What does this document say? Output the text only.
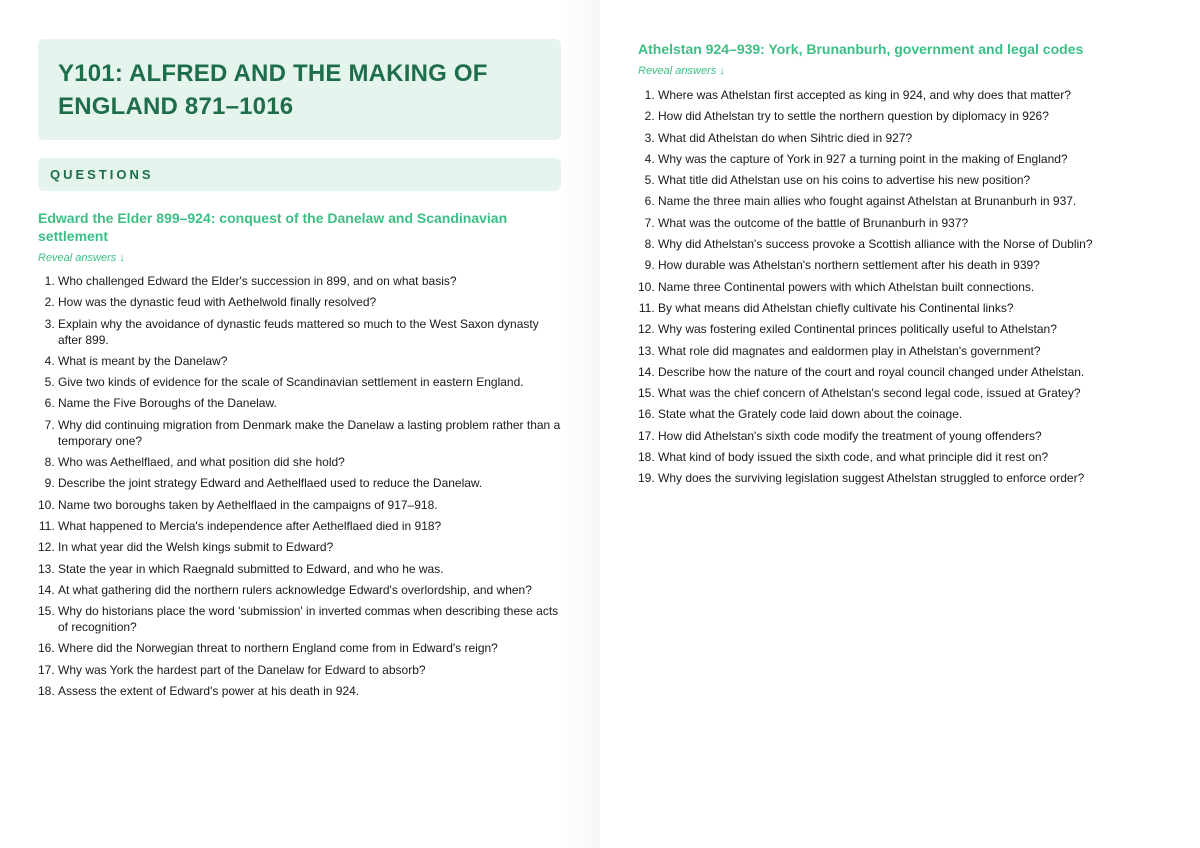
Y101: ALFRED AND THE MAKING OF ENGLAND 871–1016
QUESTIONS
Edward the Elder 899–924: conquest of the Danelaw and Scandinavian settlement
Reveal answers ↓
1. Who challenged Edward the Elder's succession in 899, and on what basis?
2. How was the dynastic feud with Aethelwold finally resolved?
3. Explain why the avoidance of dynastic feuds mattered so much to the West Saxon dynasty after 899.
4. What is meant by the Danelaw?
5. Give two kinds of evidence for the scale of Scandinavian settlement in eastern England.
6. Name the Five Boroughs of the Danelaw.
7. Why did continuing migration from Denmark make the Danelaw a lasting problem rather than a temporary one?
8. Who was Aethelflaed, and what position did she hold?
9. Describe the joint strategy Edward and Aethelflaed used to reduce the Danelaw.
10. Name two boroughs taken by Aethelflaed in the campaigns of 917–918.
11. What happened to Mercia's independence after Aethelflaed died in 918?
12. In what year did the Welsh kings submit to Edward?
13. State the year in which Raegnald submitted to Edward, and who he was.
14. At what gathering did the northern rulers acknowledge Edward's overlordship, and when?
15. Why do historians place the word 'submission' in inverted commas when describing these acts of recognition?
16. Where did the Norwegian threat to northern England come from in Edward's reign?
17. Why was York the hardest part of the Danelaw for Edward to absorb?
18. Assess the extent of Edward's power at his death in 924.
Athelstan 924–939: York, Brunanburh, government and legal codes
Reveal answers ↓
1. Where was Athelstan first accepted as king in 924, and why does that matter?
2. How did Athelstan try to settle the northern question by diplomacy in 926?
3. What did Athelstan do when Sihtric died in 927?
4. Why was the capture of York in 927 a turning point in the making of England?
5. What title did Athelstan use on his coins to advertise his new position?
6. Name the three main allies who fought against Athelstan at Brunanburh in 937.
7. What was the outcome of the battle of Brunanburh in 937?
8. Why did Athelstan's success provoke a Scottish alliance with the Norse of Dublin?
9. How durable was Athelstan's northern settlement after his death in 939?
10. Name three Continental powers with which Athelstan built connections.
11. By what means did Athelstan chiefly cultivate his Continental links?
12. Why was fostering exiled Continental princes politically useful to Athelstan?
13. What role did magnates and ealdormen play in Athelstan's government?
14. Describe how the nature of the court and royal council changed under Athelstan.
15. What was the chief concern of Athelstan's second legal code, issued at Gratey?
16. State what the Grately code laid down about the coinage.
17. How did Athelstan's sixth code modify the treatment of young offenders?
18. What kind of body issued the sixth code, and what principle did it rest on?
19. Why does the surviving legislation suggest Athelstan struggled to enforce order?
